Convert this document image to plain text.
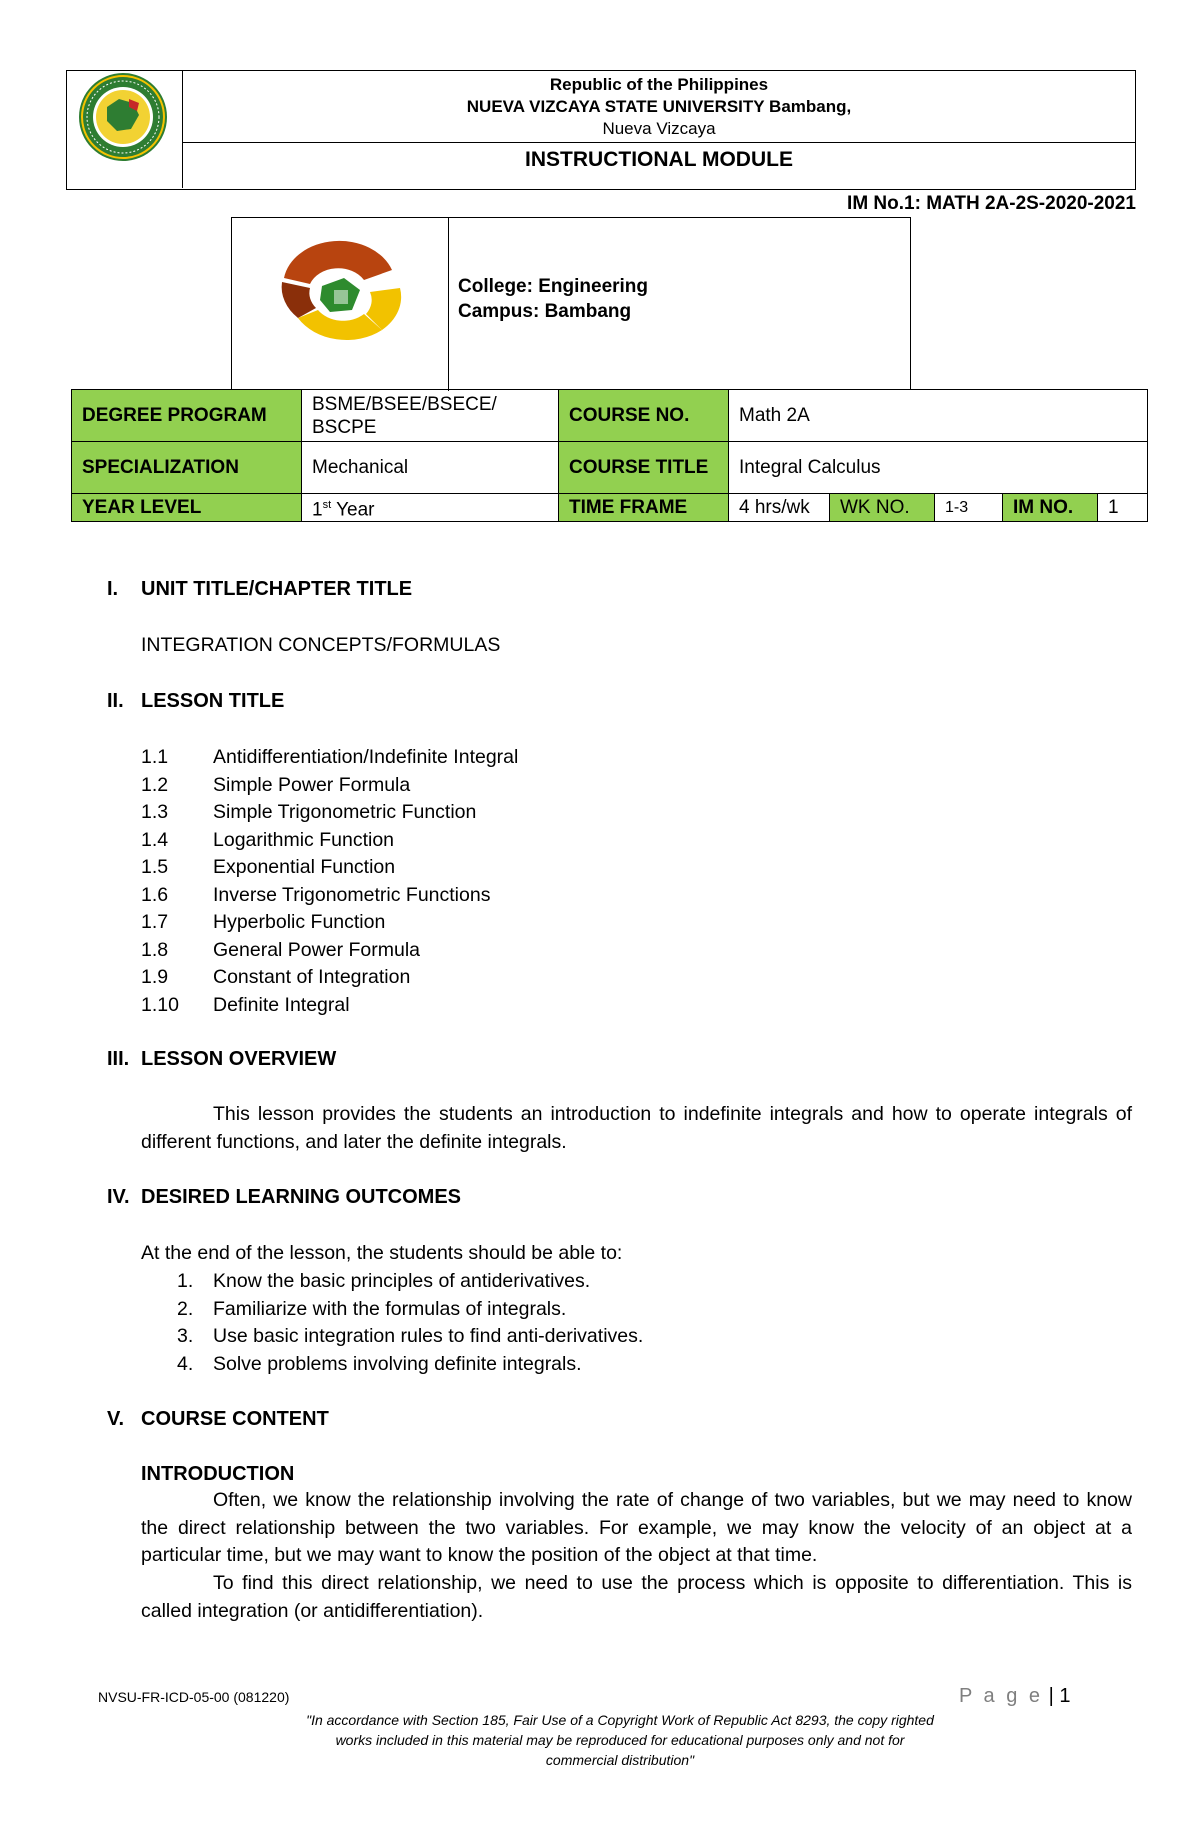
Republic of the Philippines
NUEVA VIZCAYA STATE UNIVERSITY Bambang,
Nueva Vizcaya
INSTRUCTIONAL MODULE
IM No.1: MATH 2A-2S-2020-2021
College: Engineering
Campus: Bambang
DEGREE PROGRAM	BSME/BSEE/BSECE/ BSCPE	COURSE NO.	Math 2A				
SPECIALIZATION	Mechanical	COURSE TITLE	Integral Calculus				
YEAR LEVEL	1st Year	TIME FRAME	4 hrs/wk	WK NO.	1-3	IM NO.	1
I. UNIT TITLE/CHAPTER TITLE
INTEGRATION CONCEPTS/FORMULAS
II. LESSON TITLE
1.1 Antidifferentiation/Indefinite Integral
1.2 Simple Power Formula
1.3 Simple Trigonometric Function
1.4 Logarithmic Function
1.5 Exponential Function
1.6 Inverse Trigonometric Functions
1.7 Hyperbolic Function
1.8 General Power Formula
1.9 Constant of Integration
1.10 Definite Integral
III. LESSON OVERVIEW
This lesson provides the students an introduction to indefinite integrals and how to operate integrals of different functions, and later the definite integrals.
IV. DESIRED LEARNING OUTCOMES
At the end of the lesson, the students should be able to:
1. Know the basic principles of antiderivatives.
2. Familiarize with the formulas of integrals.
3. Use basic integration rules to find anti-derivatives.
4. Solve problems involving definite integrals.
V. COURSE CONTENT
INTRODUCTION
Often, we know the relationship involving the rate of change of two variables, but we may need to know the direct relationship between the two variables. For example, we may know the velocity of an object at a particular time, but we may want to know the position of the object at that time.
To find this direct relationship, we need to use the process which is opposite to differentiation. This is called integration (or antidifferentiation).
NVSU-FR-ICD-05-00 (081220)	P a g e | 1
"In accordance with Section 185, Fair Use of a Copyright Work of Republic Act 8293, the copy righted works included in this material may be reproduced for educational purposes only and not for commercial distribution"
